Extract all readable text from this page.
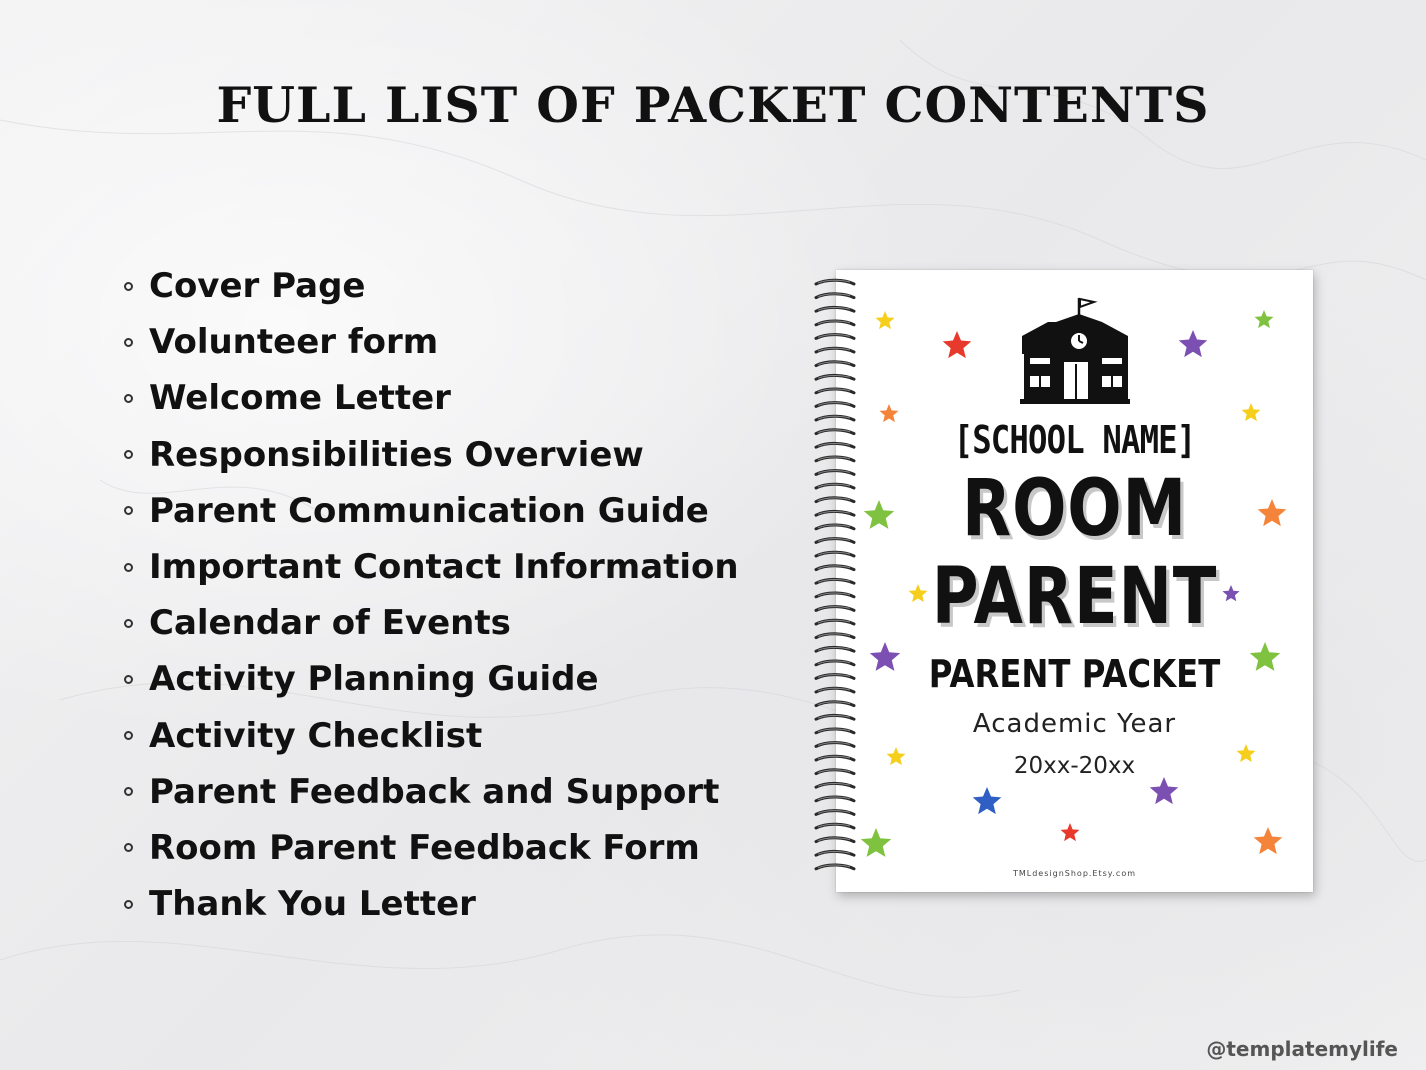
FULL LIST OF PACKET CONTENTS
Cover Page
Volunteer form
Welcome Letter
Responsibilities Overview
Parent Communication Guide
Important Contact Information
Calendar of Events
Activity Planning Guide
Activity Checklist
Parent Feedback and Support
Room Parent Feedback Form
Thank You Letter
[SCHOOL NAME]
ROOM
PARENT
PARENT PACKET
Academic Year
20xx-20xx
TMLdesignShop.Etsy.com
@templatemylife
